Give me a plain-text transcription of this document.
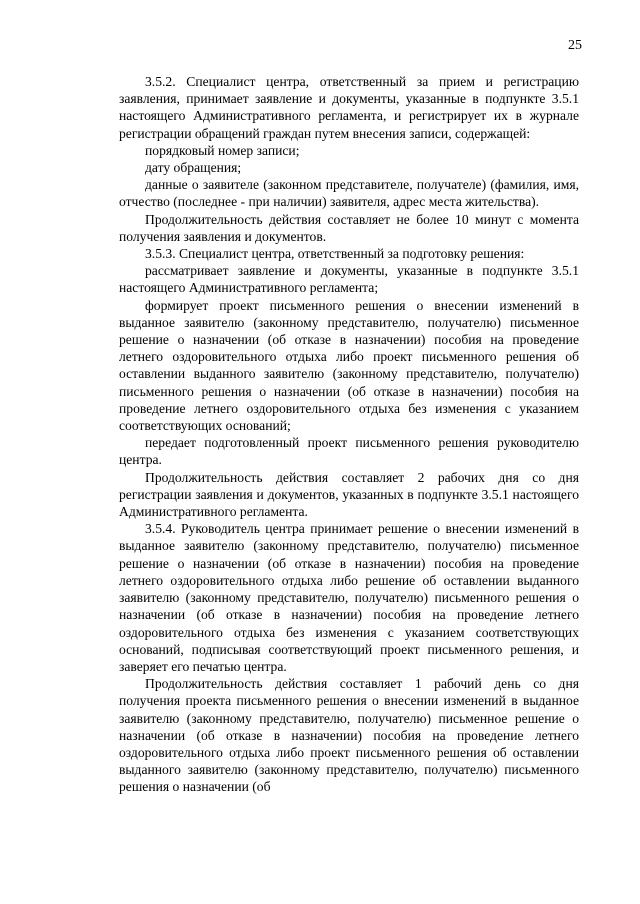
25

3.5.2. Специалист центра, ответственный за прием и регистрацию заявления, принимает заявление и документы, указанные в подпункте 3.5.1 настоящего Административного регламента, и регистрирует их в журнале регистрации обращений граждан путем внесения записи, содержащей:

порядковый номер записи;

дату обращения;

данные о заявителе (законном представителе, получателе) (фамилия, имя, отчество (последнее - при наличии) заявителя, адрес места жительства).

Продолжительность действия составляет не более 10 минут с момента получения заявления и документов.

3.5.3. Специалист центра, ответственный за подготовку решения:

рассматривает заявление и документы, указанные в подпункте 3.5.1 настоящего Административного регламента;

формирует проект письменного решения о внесении изменений в выданное заявителю (законному представителю, получателю) письменное решение о назначении (об отказе в назначении) пособия на проведение летнего оздоровительного отдыха либо проект письменного решения об оставлении выданного заявителю (законному представителю, получателю) письменного решения о назначении (об отказе в назначении) пособия на проведение летнего оздоровительного отдыха без изменения с указанием соответствующих оснований;

передает подготовленный проект письменного решения руководителю центра.

Продолжительность действия составляет 2 рабочих дня со дня регистрации заявления и документов, указанных в подпункте 3.5.1 настоящего Административного регламента.

3.5.4. Руководитель центра принимает решение о внесении изменений в выданное заявителю (законному представителю, получателю) письменное решение о назначении (об отказе в назначении) пособия на проведение летнего оздоровительного отдыха либо решение об оставлении выданного заявителю (законному представителю, получателю) письменного решения о назначении (об отказе в назначении) пособия на проведение летнего оздоровительного отдыха без изменения с указанием соответствующих оснований, подписывая соответствующий проект письменного решения, и заверяет его печатью центра.

Продолжительность действия составляет 1 рабочий день со дня получения проекта письменного решения о внесении изменений в выданное заявителю (законному представителю, получателю) письменное решение о назначении (об отказе в назначении) пособия на проведение летнего оздоровительного отдыха либо проект письменного решения об оставлении выданного заявителю (законному представителю, получателю) письменного решения о назначении (об
